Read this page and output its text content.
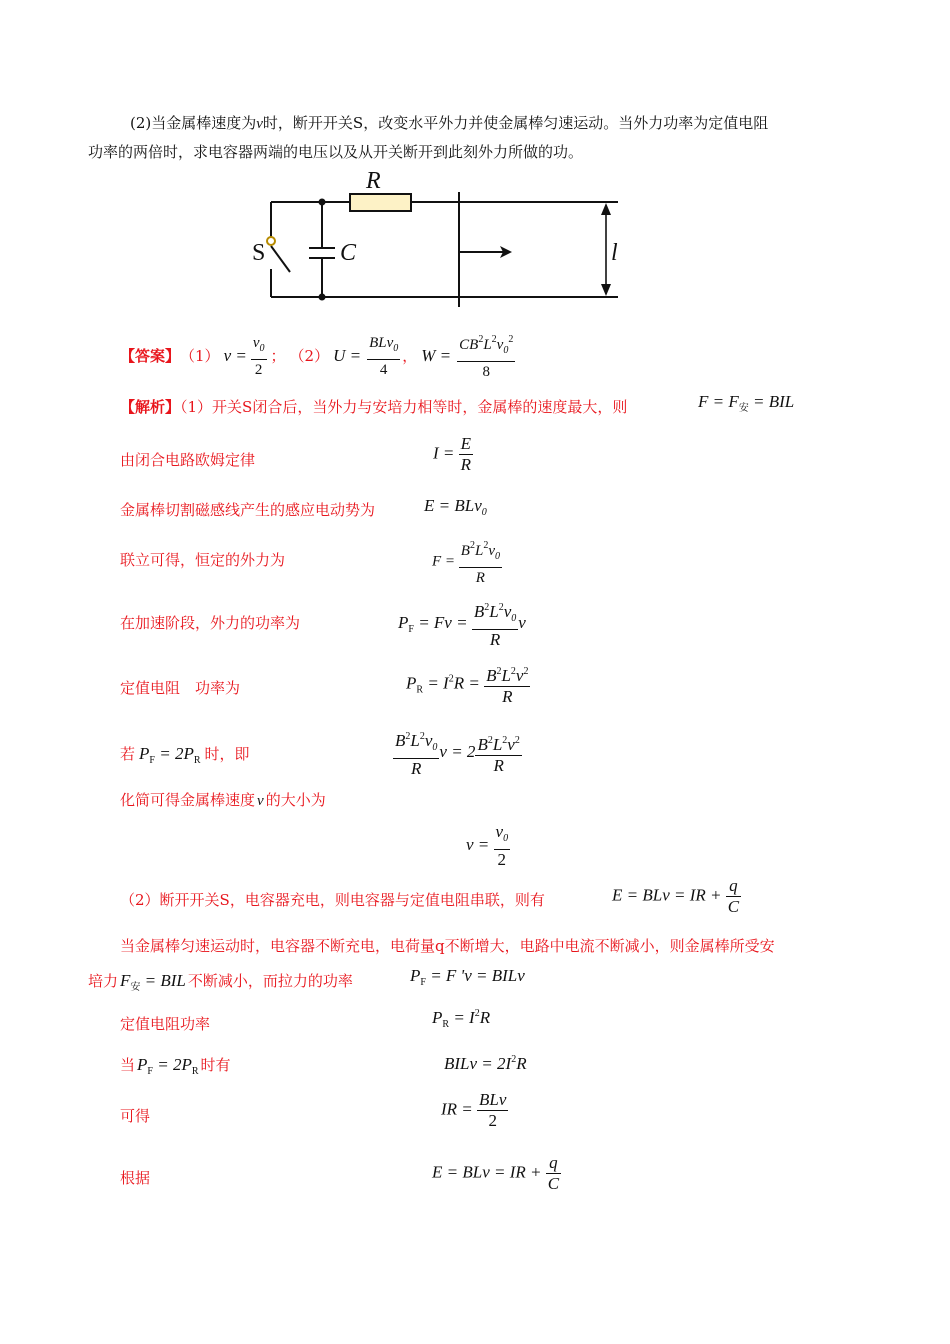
(2)当金属棒速度为v时，断开开关S，改变水平外力并使金属棒匀速运动。当外力功率为定值电阻
功率的两倍时，求电容器两端的电压以及从开关断开到此刻外力所做的功。
R
C	l
S
【答案】 （1） $v = \frac{v_0}{2}$ ； （2） $U = \frac{BLv_0}{4}$ ， $W = \frac{CB^2L^2v_0^2}{8}$
【解析】（1）开关S闭合后，当外力与安培力相等时，金属棒的速度最大，则	$F = F_安$ = BIL
由闭合电路欧姆定律	$I = \frac{E}{R}$
金属棒切割磁感线产生的感应电动势为	E = BLv$_0$
联立可得，恒定的外力为	$F = \frac{B^2L^2v_0}{R}$
在加速阶段，外力的功率为	$P_F = Fv = \frac{B^2L^2v_0}{R}$ v
定值电阻　功率为	$P_R = I^2R = \frac{B^2L^2v^2}{R}$
若 $P_F = 2P_R$ 时，即	$\frac{B^2L^2v_0}{R}$ $v = 2 \frac{B^2L^2v^2}{R}$
化简可得金属棒速度 v 的大小为
$v = \frac{v_0}{2}$
（2）断开开关S，电容器充电，则电容器与定值电阻串联，则有	E = BLv = IR + $\frac{q}{C}$
当金属棒匀速运动时，电容器不断充电，电荷量q不断增大，电路中电流不断减小，则金属棒所受安
培力 $F_安$ = BIL 不断减小，而拉力的功率	$P_F = F$ 'v = BILv
定值电阻功率	$P_R = I^2R$
当 $P_F = 2P_R$ 时有	BILv = $2I^2R$
可得	IR = $\frac{\text{BLv}}{2}$
根据	E = BLv = IR + $\frac{q}{C}$
